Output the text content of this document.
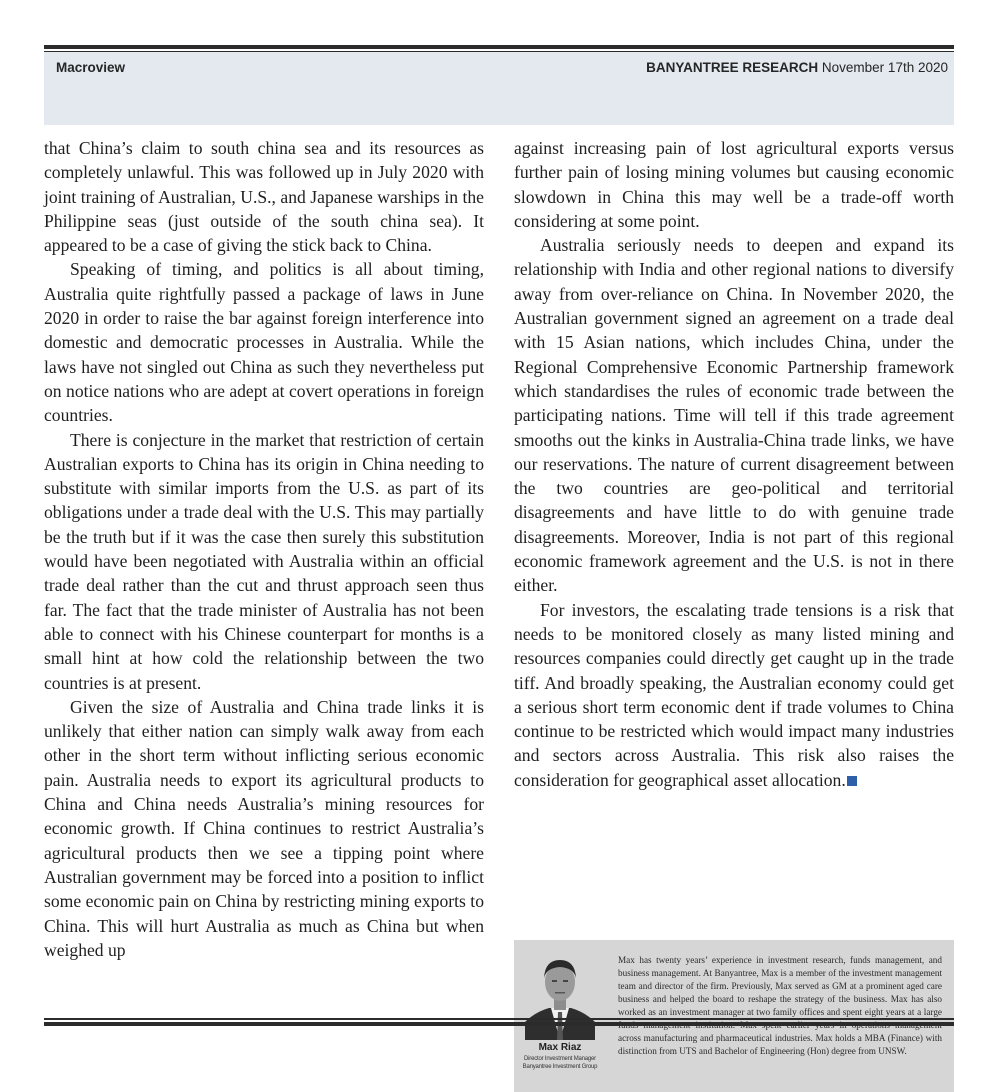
Macroview	BANYANTREE RESEARCH November 17th 2020

that China’s claim to south china sea and its resources as completely unlawful. This was followed up in July 2020 with joint training of Australian, U.S., and Japanese warships in the Philippine seas (just outside of the south china sea). It appeared to be a case of giving the stick back to China.

Speaking of timing, and politics is all about timing, Australia quite rightfully passed a package of laws in June 2020 in order to raise the bar against foreign interference into domestic and democratic processes in Australia. While the laws have not singled out China as such they nevertheless put on notice nations who are adept at covert operations in foreign countries.

There is conjecture in the market that restriction of certain Australian exports to China has its origin in China needing to substitute with similar imports from the U.S. as part of its obligations under a trade deal with the U.S. This may partially be the truth but if it was the case then surely this substitution would have been negotiated with Australia within an official trade deal rather than the cut and thrust approach seen thus far. The fact that the trade minister of Australia has not been able to connect with his Chinese counterpart for months is a small hint at how cold the relationship between the two countries is at present.

Given the size of Australia and China trade links it is unlikely that either nation can simply walk away from each other in the short term without inflicting serious economic pain. Australia needs to export its agricultural products to China and China needs Australia’s mining resources for economic growth. If China continues to restrict Australia’s agricultural products then we see a tipping point where Australian government may be forced into a position to inflict some economic pain on China by restricting mining exports to China. This will hurt Australia as much as China but when weighed up

against increasing pain of lost agricultural exports versus further pain of losing mining volumes but causing economic slowdown in China this may well be a trade-off worth considering at some point.

Australia seriously needs to deepen and expand its relationship with India and other regional nations to diversify away from over-reliance on China. In November 2020, the Australian government signed an agreement on a trade deal with 15 Asian nations, which includes China, under the Regional Comprehensive Economic Partnership framework which standardises the rules of economic trade between the participating nations. Time will tell if this trade agreement smooths out the kinks in Australia-China trade links, we have our reservations. The nature of current disagreement between the two countries are geo-political and territorial disagreements and have little to do with genuine trade disagreements. Moreover, India is not part of this regional economic framework agreement and the U.S. is not in there either.

For investors, the escalating trade tensions is a risk that needs to be monitored closely as many listed mining and resources companies could directly get caught up in the trade tiff. And broadly speaking, the Australian economy could get a serious short term economic dent if trade volumes to China continue to be restricted which would impact many industries and sectors across Australia. This risk also raises the consideration for geographical asset allocation.

Max Riaz
Director Investment Manager
Banyantree Investment Group
Max has twenty years’ experience in investment research, funds management, and business management. At Banyantree, Max is a member of the investment management team and director of the firm. Previously, Max served as GM at a prominent aged care business and helped the board to reshape the strategy of the business. Max has also worked as an investment manager at two family offices and spent eight years at a large funds management institution. Max spent earlier years in operations management across manufacturing and pharmaceutical industries. Max holds a MBA (Finance) with distinction from UTS and Bachelor of Engineering (Hon) degree from UNSW.
